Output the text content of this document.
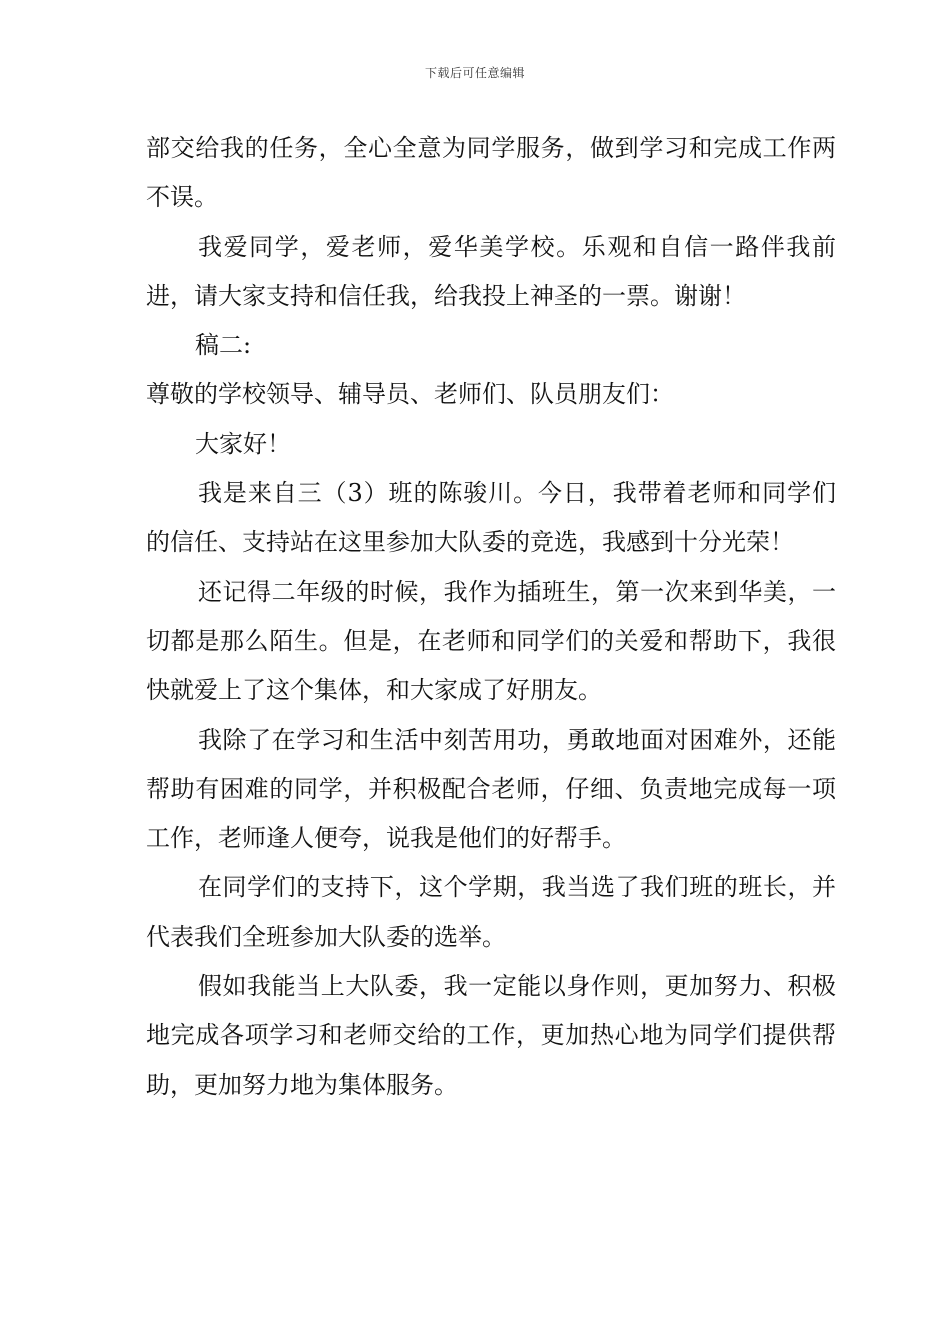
下载后可任意编辑

部交给我的任务，全心全意为同学服务，做到学习和完成工作两不误。

我爱同学，爱老师，爱华美学校。乐观和自信一路伴我前进，请大家支持和信任我，给我投上神圣的一票。谢谢！

稿二:

尊敬的学校领导、辅导员、老师们、队员朋友们：

大家好！

我是来自三（3）班的陈骏川。今日，我带着老师和同学们的信任、支持站在这里参加大队委的竞选，我感到十分光荣！

还记得二年级的时候，我作为插班生，第一次来到华美，一切都是那么陌生。但是，在老师和同学们的关爱和帮助下，我很快就爱上了这个集体，和大家成了好朋友。

我除了在学习和生活中刻苦用功，勇敢地面对困难外，还能帮助有困难的同学，并积极配合老师，仔细、负责地完成每一项工作，老师逢人便夸，说我是他们的好帮手。

在同学们的支持下，这个学期，我当选了我们班的班长，并代表我们全班参加大队委的选举。

假如我能当上大队委，我一定能以身作则，更加努力、积极地完成各项学习和老师交给的工作，更加热心地为同学们提供帮助，更加努力地为集体服务。
